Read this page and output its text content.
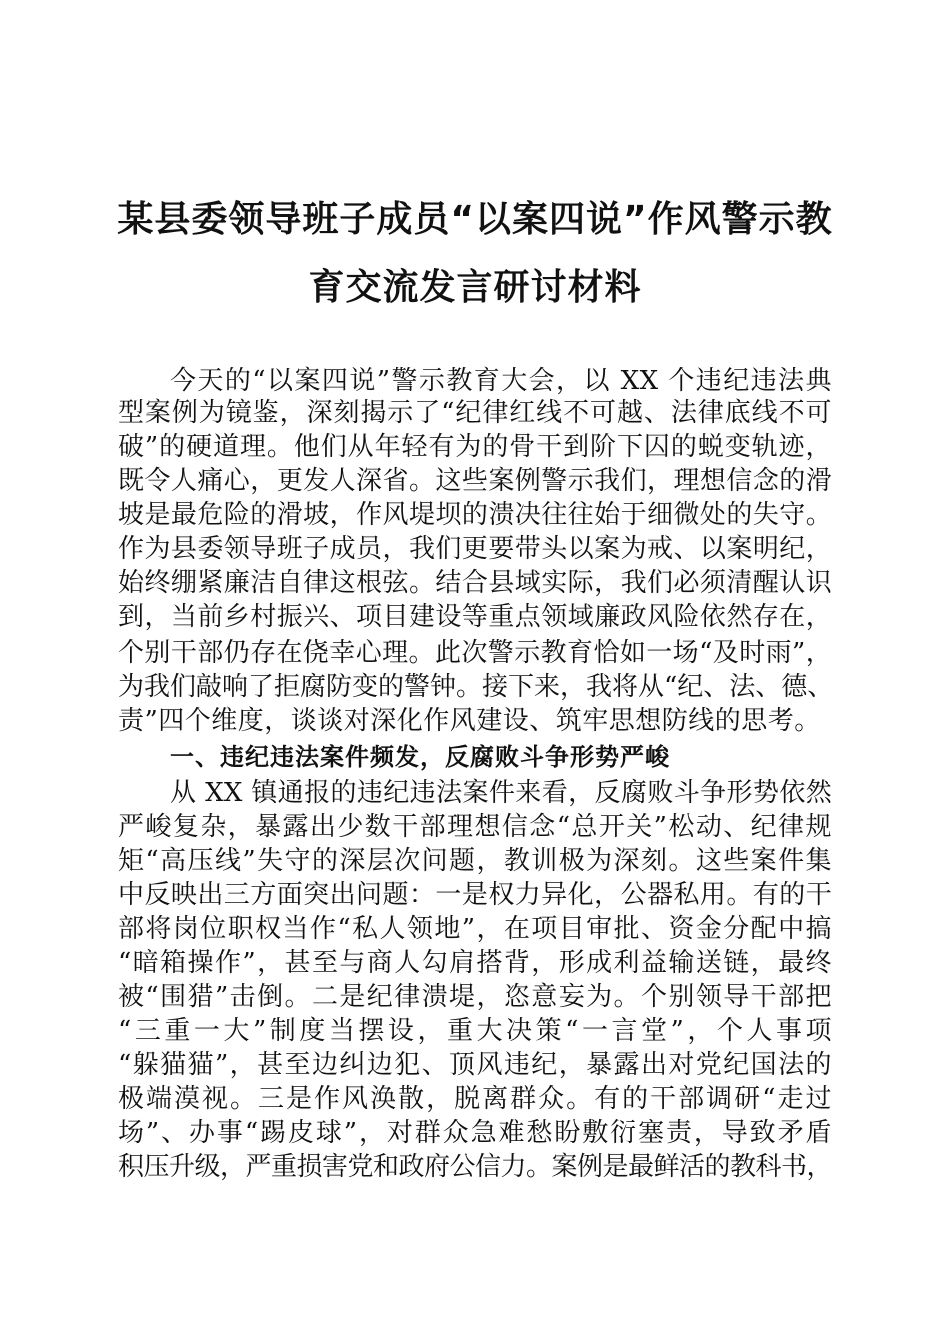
某县委领导班子成员“以案四说”作风警示教
育交流发言研讨材料
今天的“以案四说”警示教育大会，以 XX 个违纪违法典
型案例为镜鉴，深刻揭示了“纪律红线不可越、法律底线不可
破”的硬道理。他们从年轻有为的骨干到阶下囚的蜕变轨迹，
既令人痛心，更发人深省。这些案例警示我们，理想信念的滑
坡是最危险的滑坡，作风堤坝的溃决往往始于细微处的失守。
作为县委领导班子成员，我们更要带头以案为戒、以案明纪，
始终绷紧廉洁自律这根弦。结合县域实际，我们必须清醒认识
到，当前乡村振兴、项目建设等重点领域廉政风险依然存在，
个别干部仍存在侥幸心理。此次警示教育恰如一场“及时雨”，
为我们敲响了拒腐防变的警钟。接下来，我将从“纪、法、德、
责”四个维度，谈谈对深化作风建设、筑牢思想防线的思考。
一、违纪违法案件频发，反腐败斗争形势严峻
从 XX 镇通报的违纪违法案件来看，反腐败斗争形势依然
严峻复杂，暴露出少数干部理想信念“总开关”松动、纪律规
矩“高压线”失守的深层次问题，教训极为深刻。这些案件集
中反映出三方面突出问题：一是权力异化，公器私用。有的干
部将岗位职权当作“私人领地”，在项目审批、资金分配中搞
“暗箱操作”，甚至与商人勾肩搭背，形成利益输送链，最终
被“围猎”击倒。二是纪律溃堤，恣意妄为。个别领导干部把
“三重一大”制度当摆设，重大决策“一言堂”，个人事项
“躲猫猫”，甚至边纠边犯、顶风违纪，暴露出对党纪国法的
极端漠视。三是作风涣散，脱离群众。有的干部调研“走过
场”、办事“踢皮球”，对群众急难愁盼敷衍塞责，导致矛盾
积压升级，严重损害党和政府公信力。案例是最鲜活的教科书，
